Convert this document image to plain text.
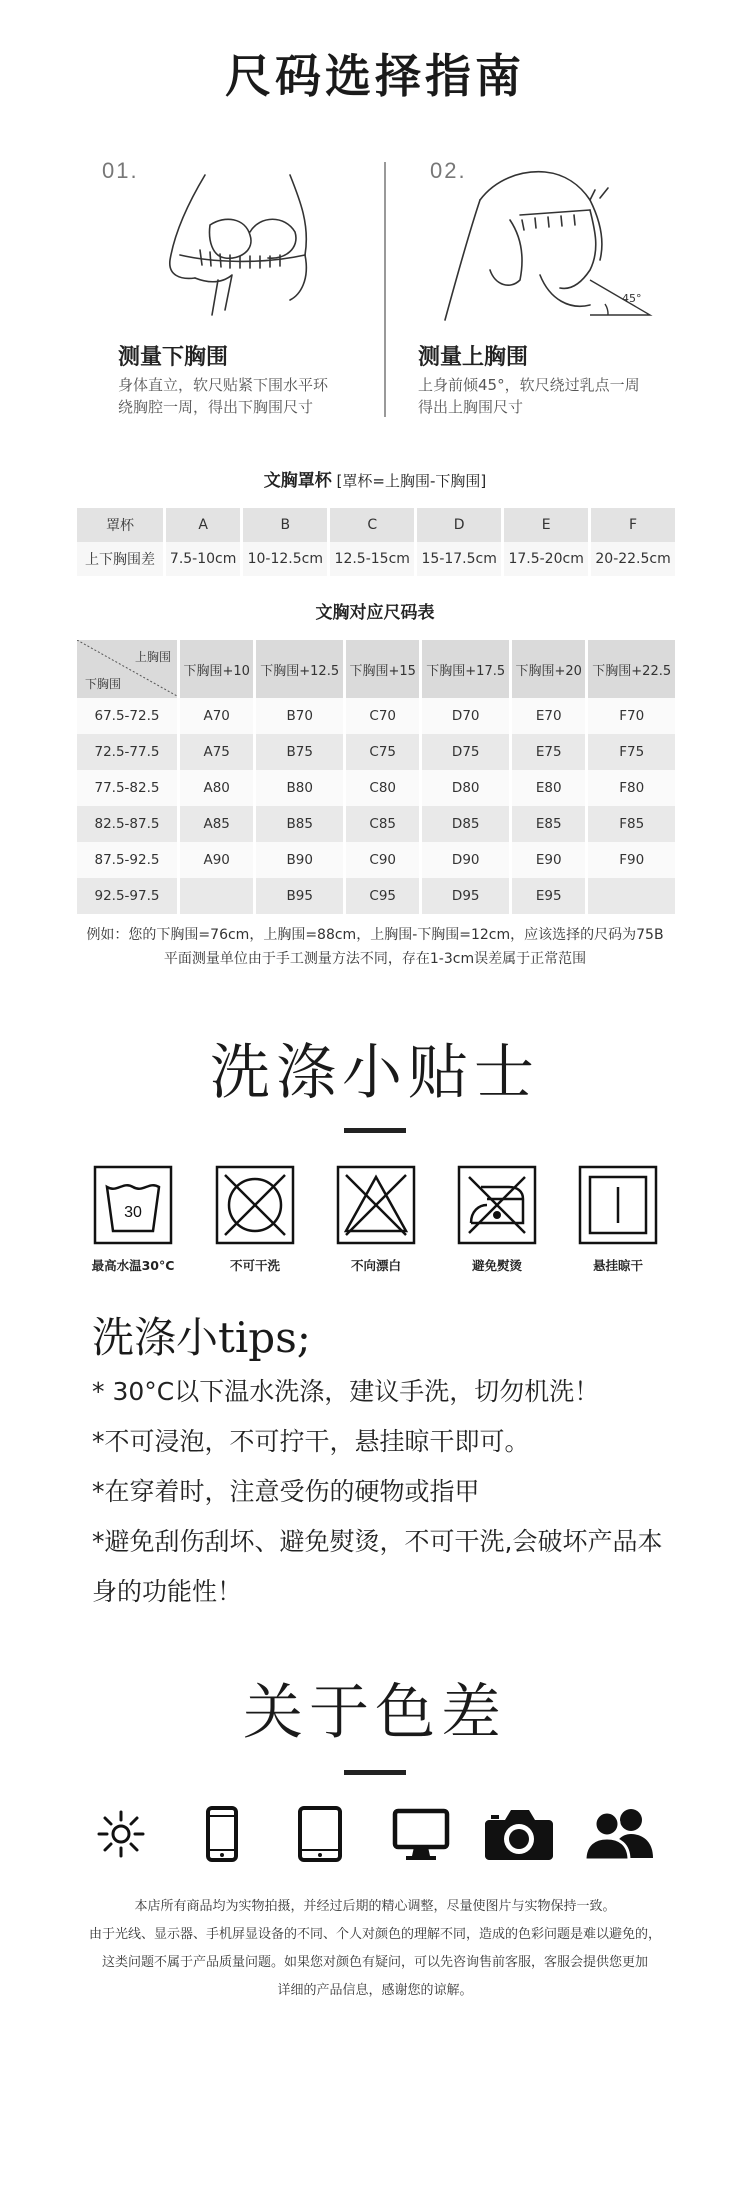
尺码选择指南
01.
测量下胸围
身体直立，软尺贴紧下围水平环
绕胸腔一周，得出下胸围尺寸
02.
45°
测量上胸围
上身前倾45°，软尺绕过乳点一周
得出上胸围尺寸
文胸罩杯 [罩杯=上胸围-下胸围]
罩杯	A	B	C	D	E	F
上下胸围差	7.5-10cm	10-12.5cm	12.5-15cm	15-17.5cm	17.5-20cm	20-22.5cm
文胸对应尺码表
上胸围
下胸围	下胸围+10	下胸围+12.5	下胸围+15	下胸围+17.5	下胸围+20	下胸围+22.5
67.5-72.5	A70	B70	C70	D70	E70	F70
72.5-77.5	A75	B75	C75	D75	E75	F75
77.5-82.5	A80	B80	C80	D80	E80	F80
82.5-87.5	A85	B85	C85	D85	E85	F85
87.5-92.5	A90	B90	C90	D90	E90	F90
92.5-97.5		B95	C95	D95	E95	
例如：您的下胸围=76cm，上胸围=88cm，上胸围-下胸围=12cm，应该选择的尺码为75B
平面测量单位由于手工测量方法不同，存在1-3cm误差属于正常范围
洗涤小贴士
30
最高水温30°C	不可干洗	不向漂白	避免熨烫	悬挂晾干
洗涤小tips;
* 30°C以下温水洗涤，建议手洗，切勿机洗！
*不可浸泡，不可拧干，悬挂晾干即可。
*在穿着时，注意受伤的硬物或指甲
*避免刮伤刮坏、避免熨烫，不可干洗,会破坏产品本
身的功能性！
关于色差
本店所有商品均为实物拍摄，并经过后期的精心调整，尽量使图片与实物保持一致。
由于光线、显示器、手机屏显设备的不同、个人对颜色的理解不同，造成的色彩问题是难以避免的，
这类问题不属于产品质量问题。如果您对颜色有疑问，可以先咨询售前客服，客服会提供您更加
详细的产品信息，感谢您的谅解。
